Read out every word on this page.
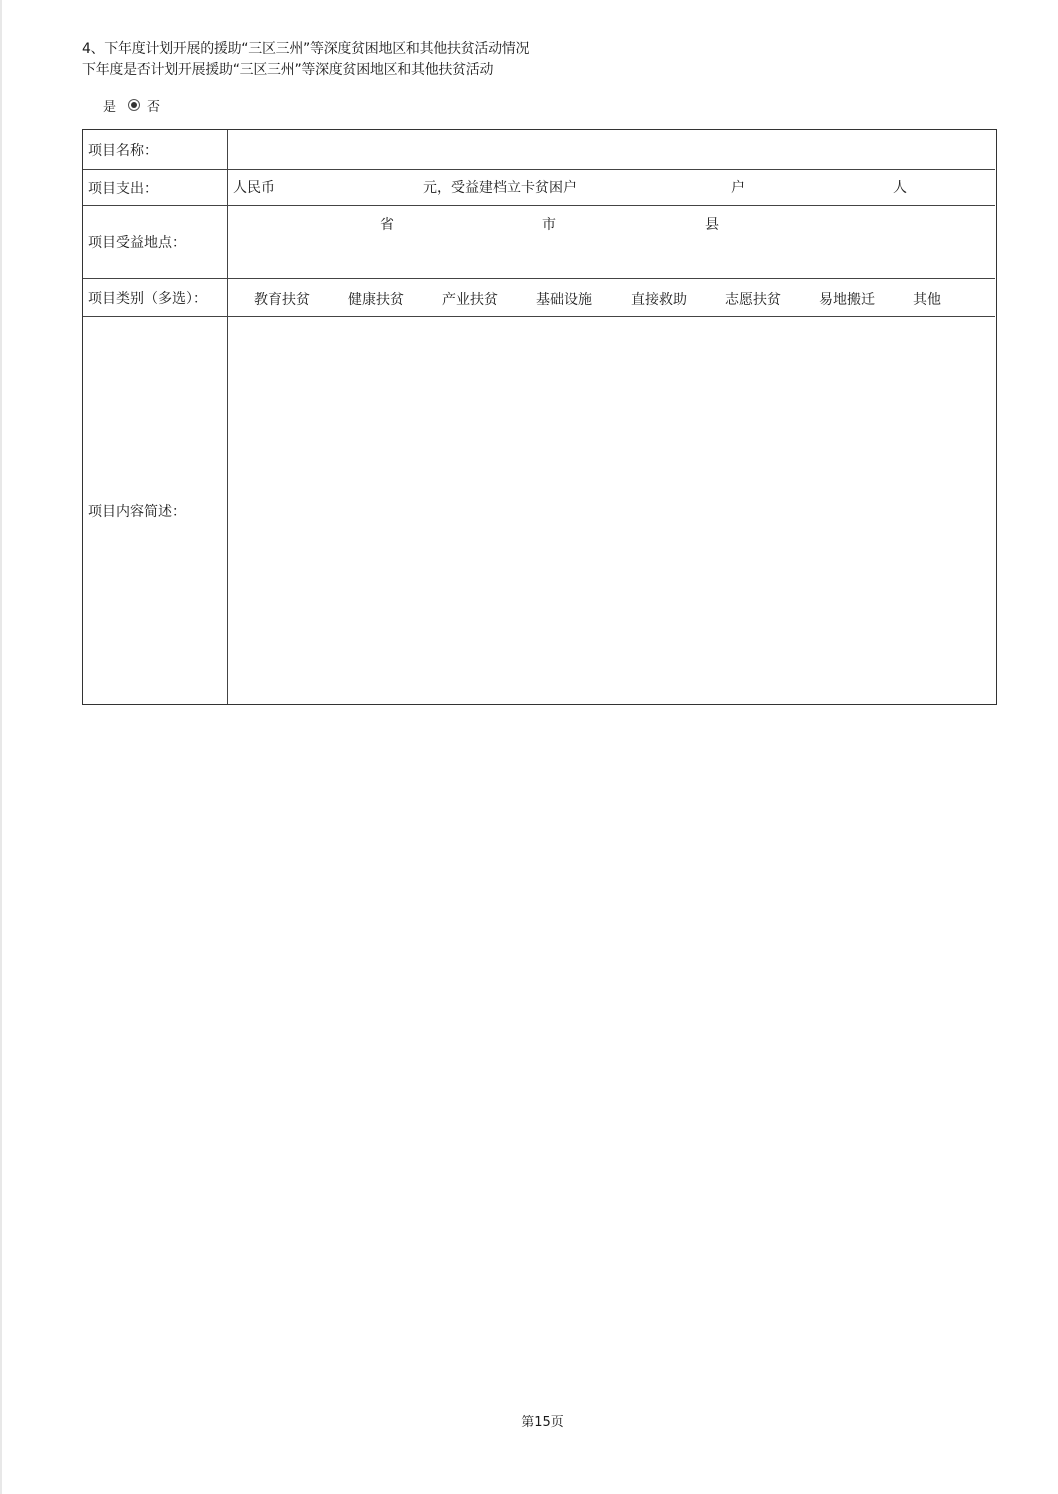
4、下年度计划开展的援助“三区三州”等深度贫困地区和其他扶贫活动情况
下年度是否计划开展援助“三区三州”等深度贫困地区和其他扶贫活动
是 否
项目名称：
项目支出：	人民币	元，受益建档立卡贫困户	户	人
项目受益地点：
省	市	县
项目类别（多选）：	教育扶贫	健康扶贫	产业扶贫	基础设施	直接救助	志愿扶贫	易地搬迁	其他
项目内容简述：
第15页
